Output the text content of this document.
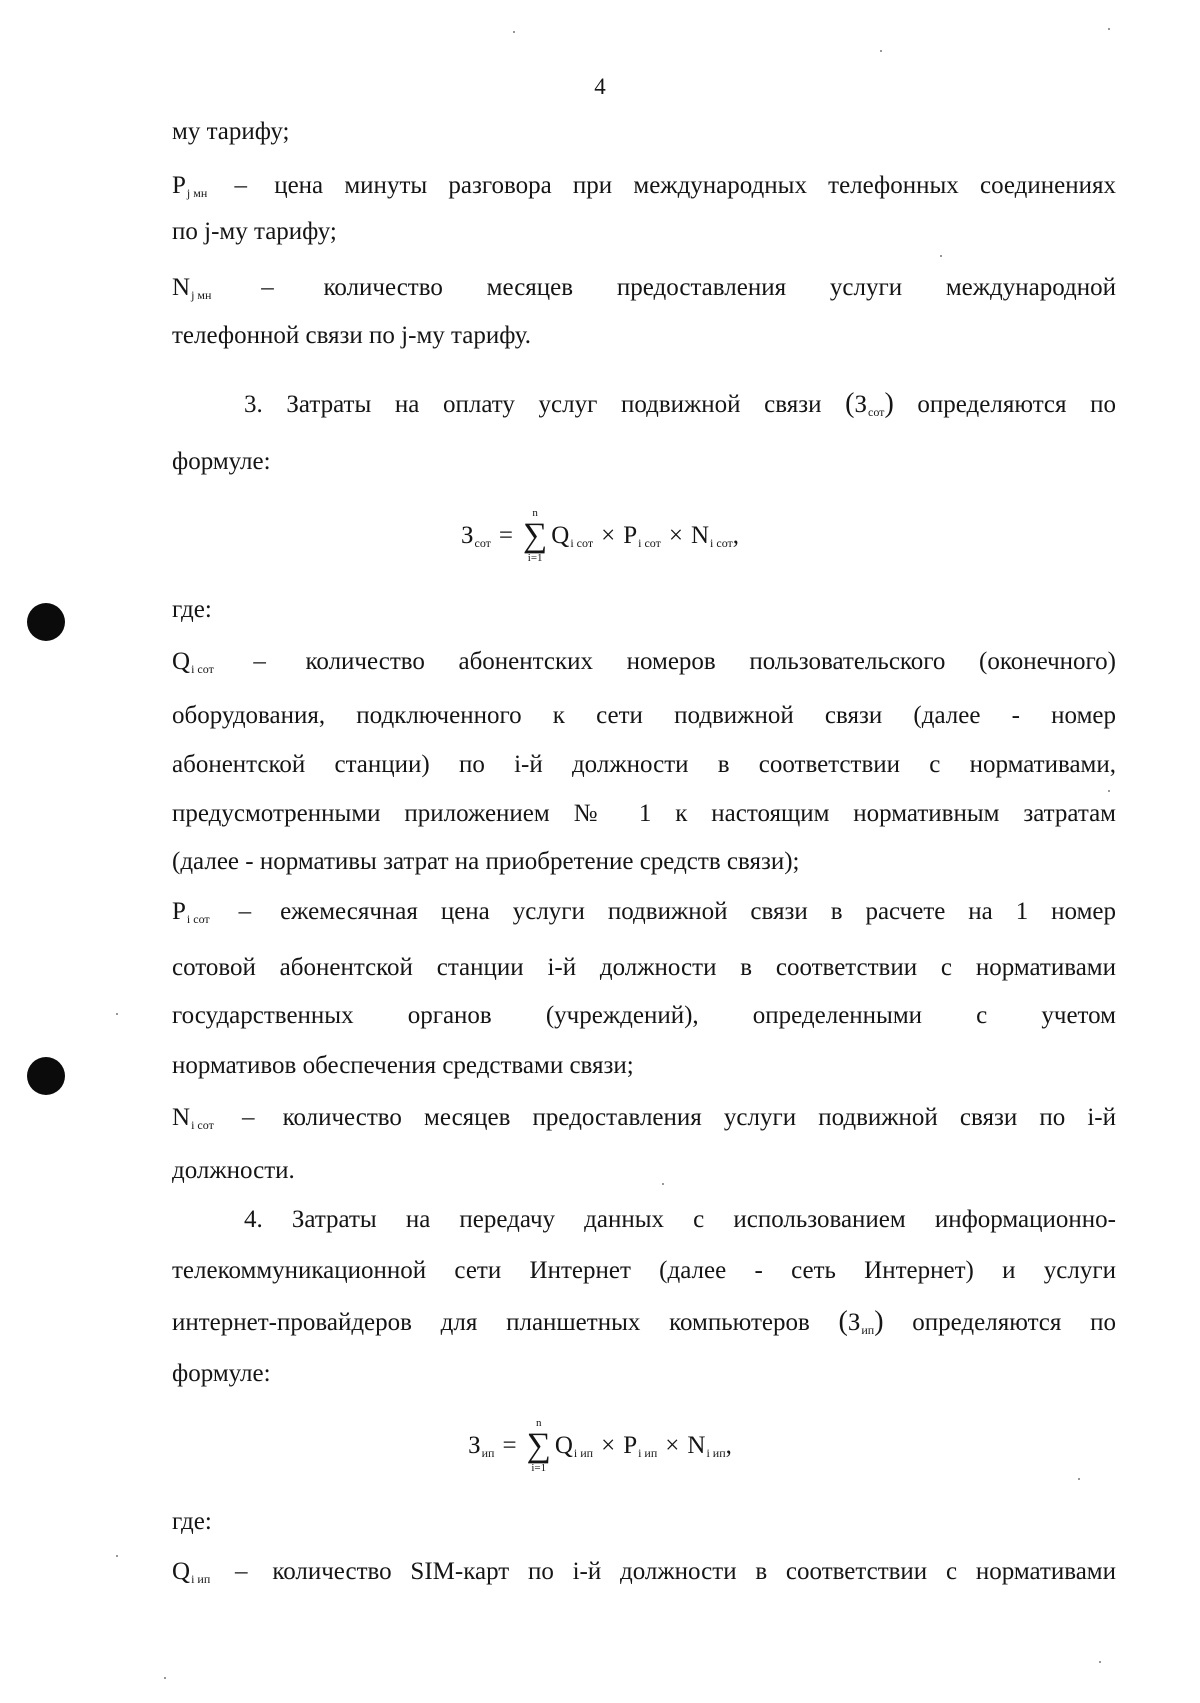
4
му тарифу;
$P_{j мн}$ – цена минуты разговора при международных телефонных соединениях
по j-му тарифу;
$N_{j мн}$ – количество месяцев предоставления услуги международной
телефонной связи по j-му тарифу.
3. Затраты на оплату услуг подвижной связи $(З_{сот})$ определяются по
формуле:
$З_{сот}$ =
n
∑
i=1
$Q_{i сот} \times P_{i сот} \times N_{i сот}$ ,
где:
$Q_{i сот}$ – количество абонентских номеров пользовательского (оконечного)
оборудования, подключенного к сети подвижной связи (далее - номер
абонентской станции) по i-й должности в соответствии с нормативами,
предусмотренными приложением № 1 к настоящим нормативным затратам
(далее - нормативы затрат на приобретение средств связи);
$P_{i сот}$ – ежемесячная цена услуги подвижной связи в расчете на 1 номер
сотовой абонентской станции i-й должности в соответствии с нормативами
государственных органов (учреждений), определенными с учетом
нормативов обеспечения средствами связи;
$N_{i сот}$ – количество месяцев предоставления услуги подвижной связи по i-й
должности.
4. Затраты на передачу данных с использованием информационно-
телекоммуникационной сети Интернет (далее - сеть Интернет) и услуги
интернет-провайдеров для планшетных компьютеров $(З_{ип})$ определяются по
формуле:
$З_{ип}$ =
n
∑
i=1
$Q_{i ип} \times P_{i ип} \times N_{i ип}$ ,
где:
$Q_{i ип}$ – количество SIM-карт по i-й должности в соответствии с нормативами
